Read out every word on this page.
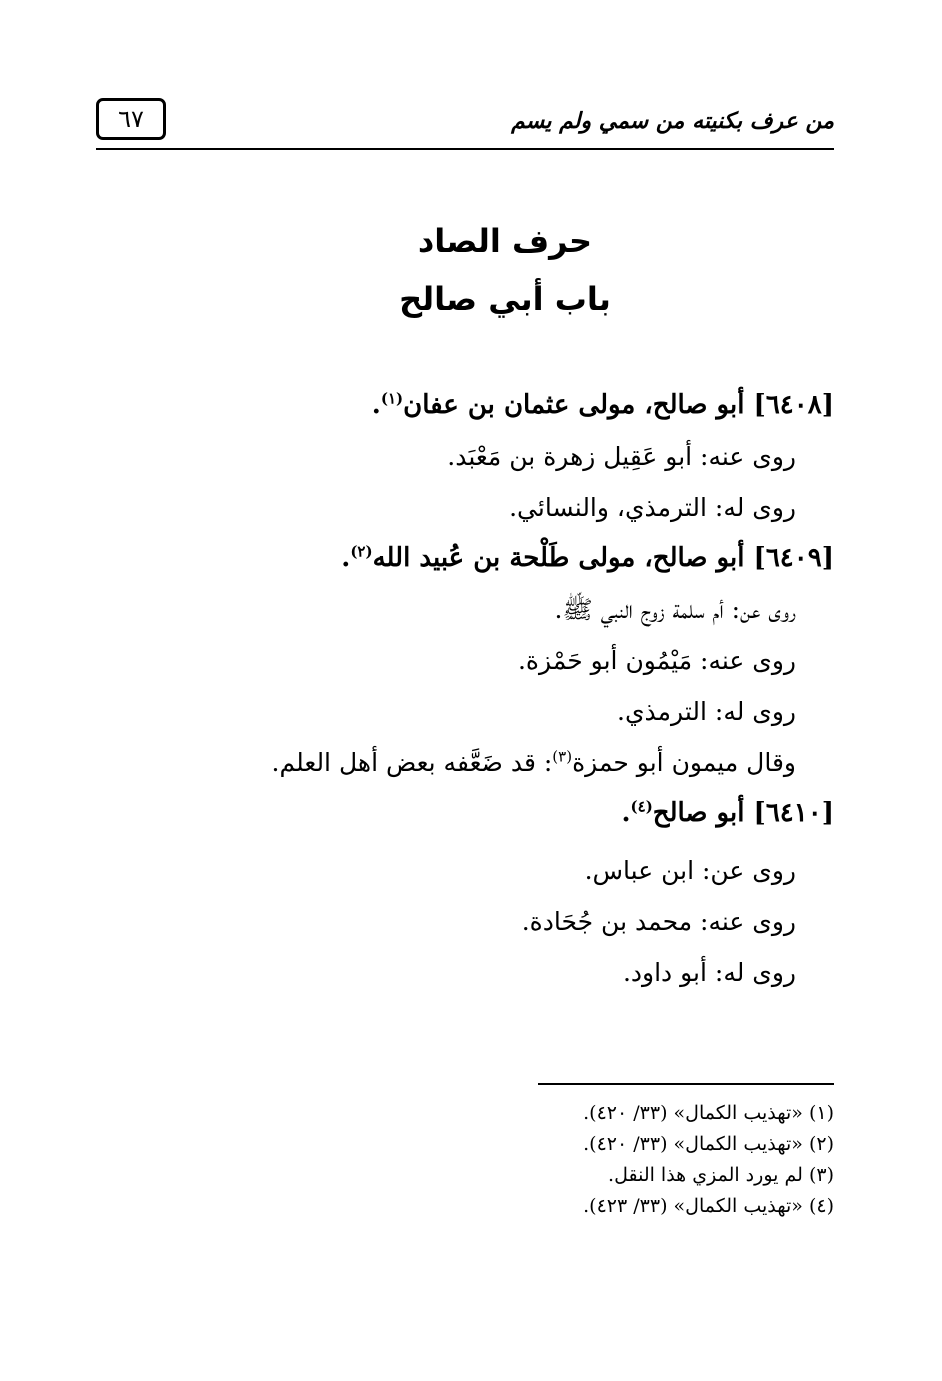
٦٧	من عرف بكنيته من سمي ولم يسم
حرف الصاد
باب أبي صالح
[٦٤٠٨] أبو صالح، مولى عثمان بن عفان$^{(١)}$.
روى عنه: أبو عَقِيل زهرة بن مَعْبَد.
روى له: الترمذي، والنسائي.
[٦٤٠٩] أبو صالح، مولى طَلْحة بن عُبيد الله$^{(٢)}$.
روى عن: أم سلمة زوج النبي ﷺ.
روى عنه: مَيْمُون أبو حَمْزة.
روى له: الترمذي.
وقال ميمون أبو حمزة$^{(٣)}$: قد ضَعَّفه بعض أهل العلم.
[٦٤١٠] أبو صالح$^{(٤)}$.
روى عن: ابن عباس.
روى عنه: محمد بن جُحَادة.
روى له: أبو داود.
(١) «تهذيب الكمال» (٣٣/ ٤٢٠).
(٢) «تهذيب الكمال» (٣٣/ ٤٢٠).
(٣) لم يورد المزي هذا النقل.
(٤) «تهذيب الكمال» (٣٣/ ٤٢٣).
